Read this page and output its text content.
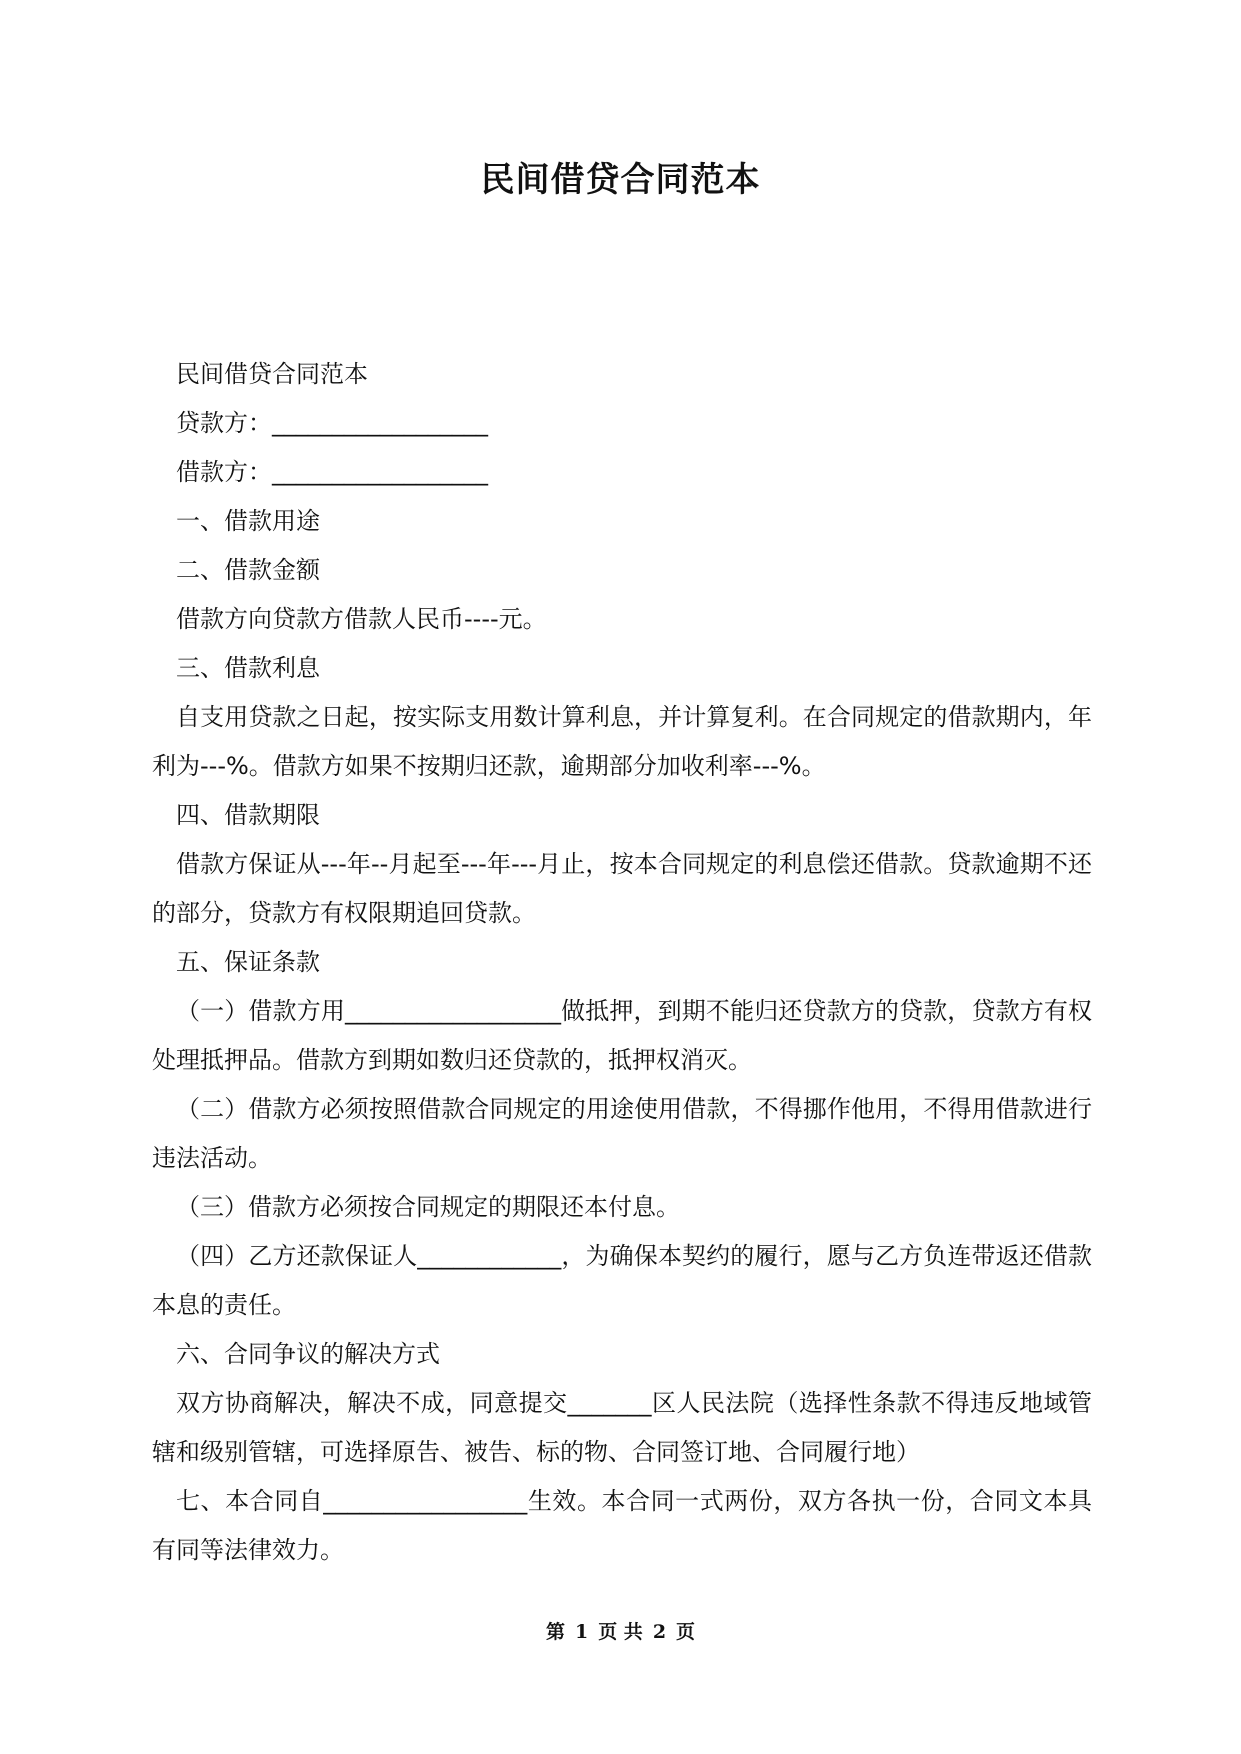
民间借贷合同范本

民间借贷合同范本

贷款方：__________________

借款方：__________________

一、借款用途

二、借款金额

借款方向贷款方借款人民币----元。

三、借款利息

自支用贷款之日起，按实际支用数计算利息，并计算复利。在合同规定的借款期内，年利为---%。借款方如果不按期归还款，逾期部分加收利率---%。

四、借款期限

借款方保证从---年--月起至---年---月止，按本合同规定的利息偿还借款。贷款逾期不还的部分，贷款方有权限期追回贷款。

五、保证条款

（一）借款方用__________________做抵押，到期不能归还贷款方的贷款，贷款方有权处理抵押品。借款方到期如数归还贷款的，抵押权消灭。

（二）借款方必须按照借款合同规定的用途使用借款，不得挪作他用，不得用借款进行违法活动。

（三）借款方必须按合同规定的期限还本付息。

（四）乙方还款保证人____________，为确保本契约的履行，愿与乙方负连带返还借款本息的责任。

六、合同争议的解决方式

双方协商解决，解决不成，同意提交_______区人民法院（选择性条款不得违反地域管辖和级别管辖，可选择原告、被告、标的物、合同签订地、合同履行地）

七、本合同自_________________生效。本合同一式两份，双方各执一份，合同文本具有同等法律效力。

第 1 页 共 2 页
